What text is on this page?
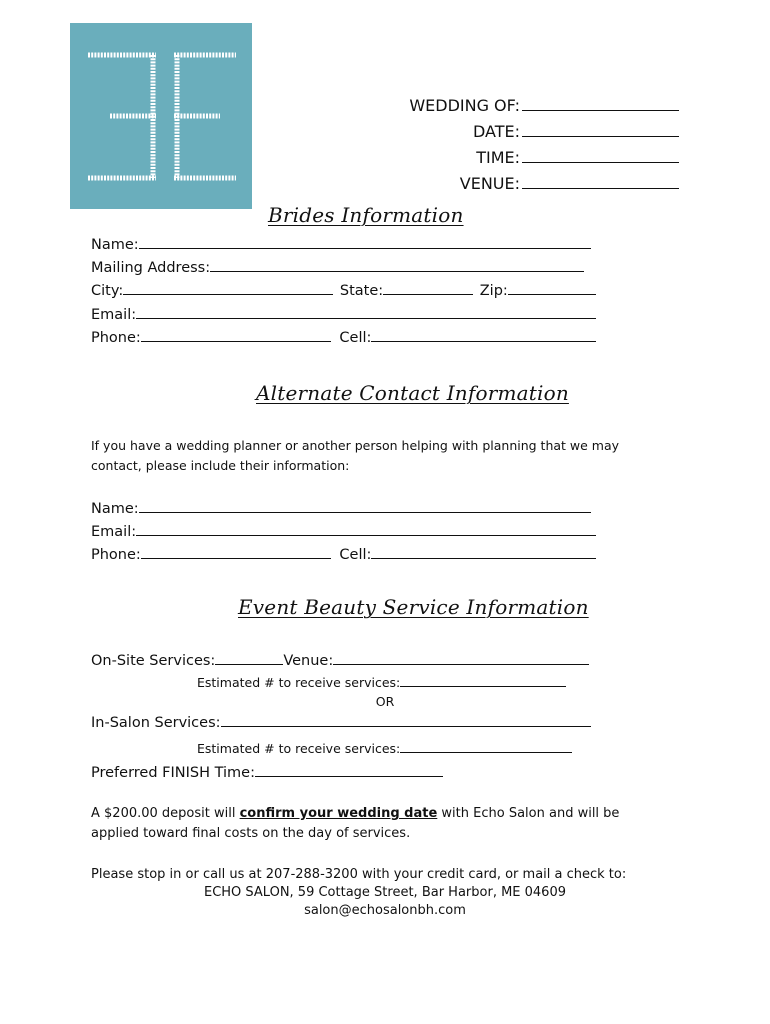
WEDDING OF:
DATE:
TIME:
VENUE:
Brides Information
Name:
Mailing Address:
City:	State:	Zip:
Email:
Phone:	Cell:
Alternate Contact Information
If you have a wedding planner or another person helping with planning that we may
contact, please include their information:
Name:
Email:
Phone:	Cell:
Event Beauty Service Information
On-Site Services:	Venue:
Estimated # to receive services:
OR
In-Salon Services:
Estimated # to receive services:
Preferred FINISH Time:
A $200.00 deposit will confirm your wedding date with Echo Salon and will be
applied toward final costs on the day of services.
Please stop in or call us at 207-288-3200 with your credit card, or mail a check to:
ECHO SALON, 59 Cottage Street, Bar Harbor, ME 04609
salon@echosalonbh.com
